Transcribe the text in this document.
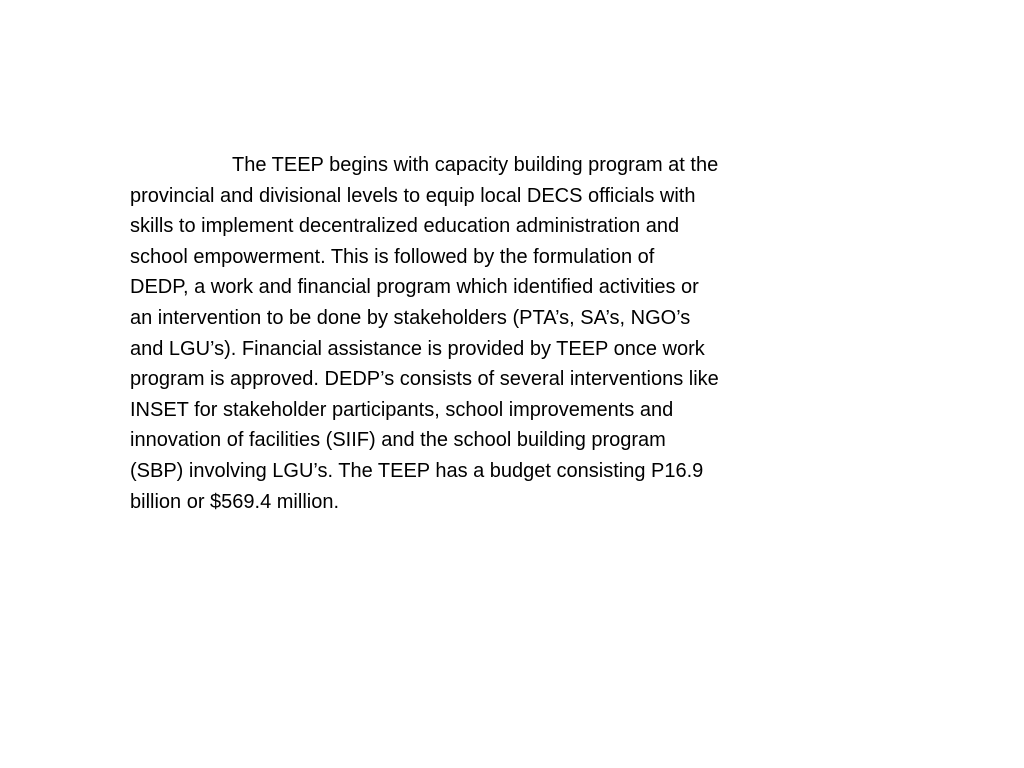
The TEEP begins with capacity building program at the
provincial and divisional levels to equip local DECS officials with
skills to implement decentralized education administration and
school empowerment. This is followed by the formulation of
DEDP, a work and financial program which identified activities or
an intervention to be done by stakeholders (PTA’s, SA’s, NGO’s
and LGU’s). Financial assistance is provided by TEEP once work
program is approved. DEDP’s consists of several interventions like
INSET for stakeholder participants, school improvements and
innovation of facilities (SIIF) and the school building program
(SBP) involving LGU’s. The TEEP has a budget consisting P16.9
billion or $569.4 million.
